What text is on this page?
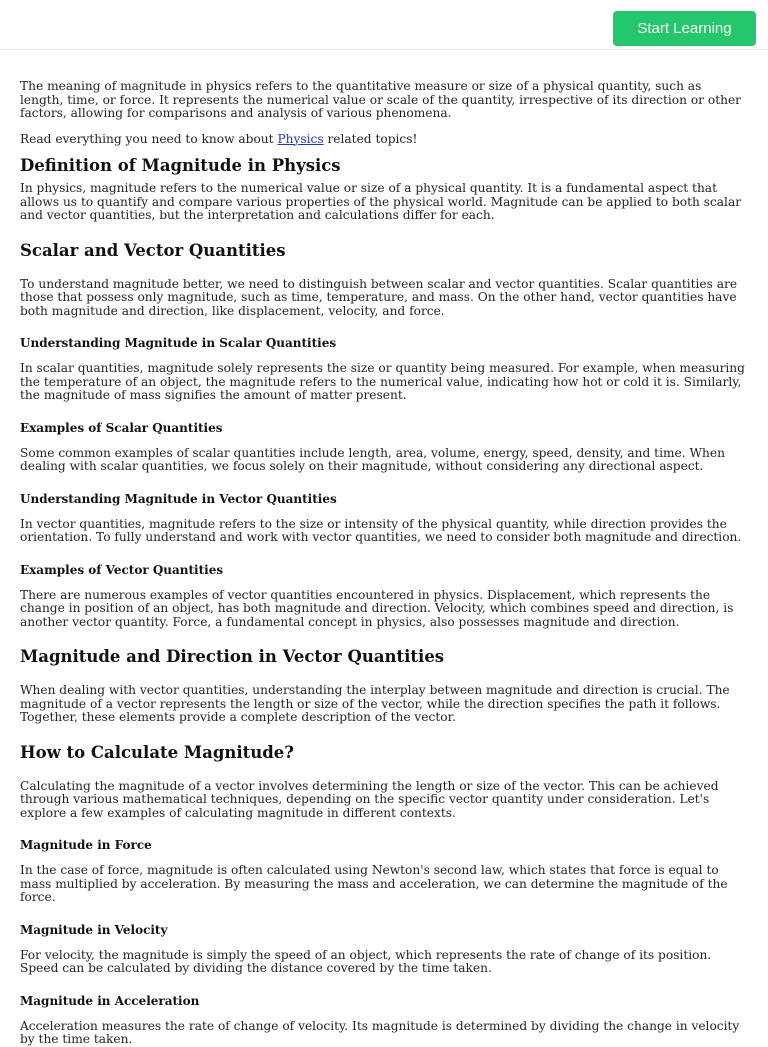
Start Learning

The meaning of magnitude in physics refers to the quantitative measure or size of a physical quantity, such as length, time, or force. It represents the numerical value or scale of the quantity, irrespective of its direction or other factors, allowing for comparisons and analysis of various phenomena.

Read everything you need to know about Physics related topics!

Definition of Magnitude in Physics

In physics, magnitude refers to the numerical value or size of a physical quantity. It is a fundamental aspect that allows us to quantify and compare various properties of the physical world. Magnitude can be applied to both scalar and vector quantities, but the interpretation and calculations differ for each.

Scalar and Vector Quantities

To understand magnitude better, we need to distinguish between scalar and vector quantities. Scalar quantities are those that possess only magnitude, such as time, temperature, and mass. On the other hand, vector quantities have both magnitude and direction, like displacement, velocity, and force.

Understanding Magnitude in Scalar Quantities

In scalar quantities, magnitude solely represents the size or quantity being measured. For example, when measuring the temperature of an object, the magnitude refers to the numerical value, indicating how hot or cold it is. Similarly, the magnitude of mass signifies the amount of matter present.

Examples of Scalar Quantities

Some common examples of scalar quantities include length, area, volume, energy, speed, density, and time. When dealing with scalar quantities, we focus solely on their magnitude, without considering any directional aspect.

Understanding Magnitude in Vector Quantities

In vector quantities, magnitude refers to the size or intensity of the physical quantity, while direction provides the orientation. To fully understand and work with vector quantities, we need to consider both magnitude and direction.

Examples of Vector Quantities

There are numerous examples of vector quantities encountered in physics. Displacement, which represents the change in position of an object, has both magnitude and direction. Velocity, which combines speed and direction, is another vector quantity. Force, a fundamental concept in physics, also possesses magnitude and direction.

Magnitude and Direction in Vector Quantities

When dealing with vector quantities, understanding the interplay between magnitude and direction is crucial. The magnitude of a vector represents the length or size of the vector, while the direction specifies the path it follows. Together, these elements provide a complete description of the vector.

How to Calculate Magnitude?

Calculating the magnitude of a vector involves determining the length or size of the vector. This can be achieved through various mathematical techniques, depending on the specific vector quantity under consideration. Let's explore a few examples of calculating magnitude in different contexts.

Magnitude in Force

In the case of force, magnitude is often calculated using Newton's second law, which states that force is equal to mass multiplied by acceleration. By measuring the mass and acceleration, we can determine the magnitude of the force.

Magnitude in Velocity

For velocity, the magnitude is simply the speed of an object, which represents the rate of change of its position. Speed can be calculated by dividing the distance covered by the time taken.

Magnitude in Acceleration

Acceleration measures the rate of change of velocity. Its magnitude is determined by dividing the change in velocity by the time taken.
